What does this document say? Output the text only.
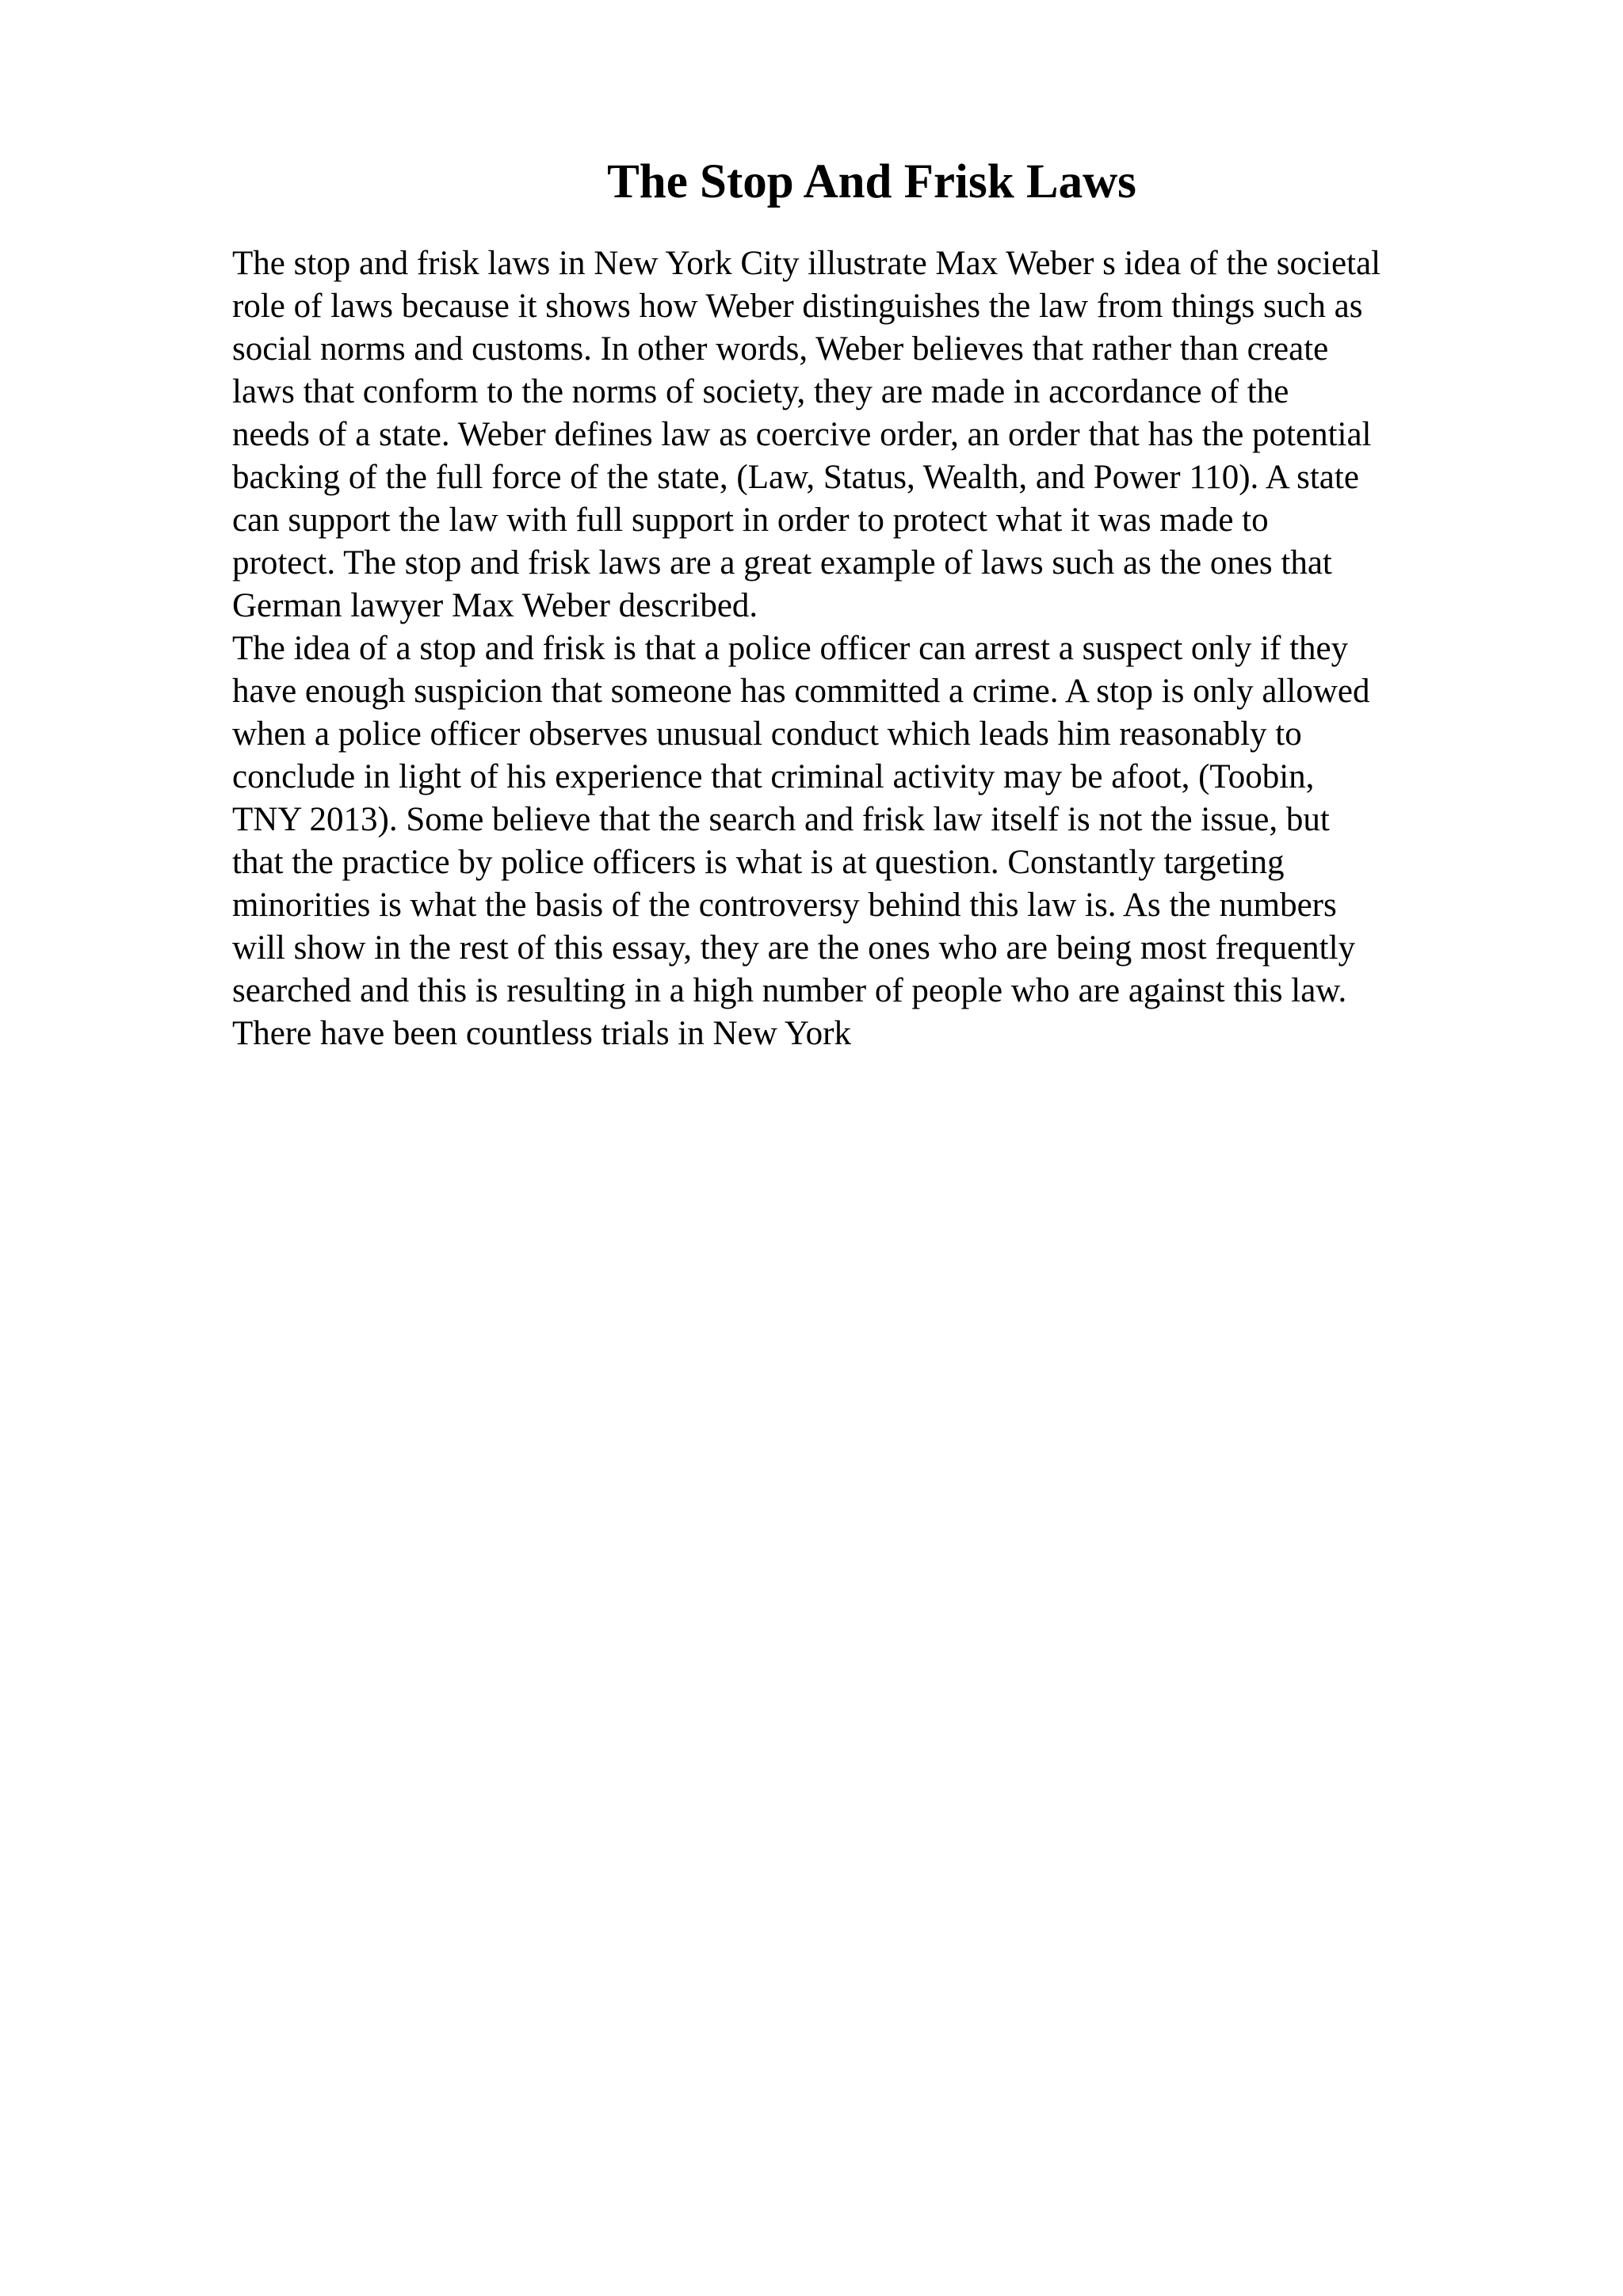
The Stop And Frisk Laws
The stop and frisk laws in New York City illustrate Max Weber s idea of the societal
role of laws because it shows how Weber distinguishes the law from things such as
social norms and customs. In other words, Weber believes that rather than create
laws that conform to the norms of society, they are made in accordance of the
needs of a state. Weber defines law as coercive order, an order that has the potential
backing of the full force of the state, (Law, Status, Wealth, and Power 110). A state
can support the law with full support in order to protect what it was made to
protect. The stop and frisk laws are a great example of laws such as the ones that
German lawyer Max Weber described.
The idea of a stop and frisk is that a police officer can arrest a suspect only if they
have enough suspicion that someone has committed a crime. A stop is only allowed
when a police officer observes unusual conduct which leads him reasonably to
conclude in light of his experience that criminal activity may be afoot, (Toobin,
TNY 2013). Some believe that the search and frisk law itself is not the issue, but
that the practice by police officers is what is at question. Constantly targeting
minorities is what the basis of the controversy behind this law is. As the numbers
will show in the rest of this essay, they are the ones who are being most frequently
searched and this is resulting in a high number of people who are against this law.
There have been countless trials in New York
